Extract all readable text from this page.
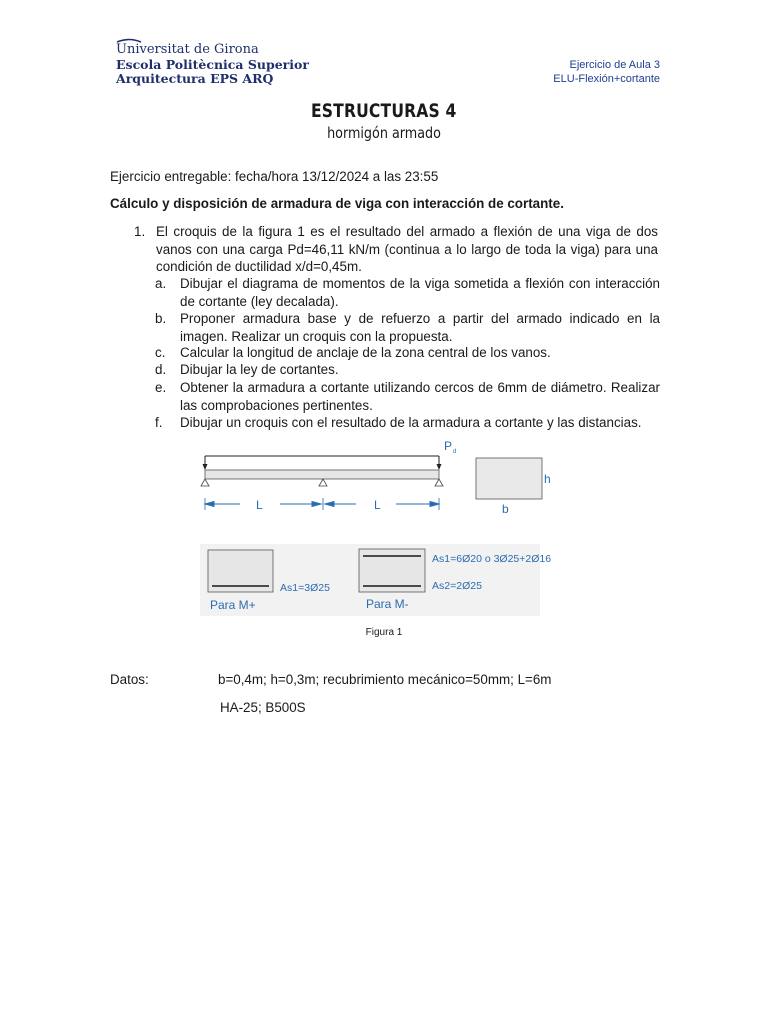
Universitat de Girona
Escola Politècnica Superior
Arquitectura EPS ARQ
Ejercicio de Aula 3
ELU-Flexión+cortante
ESTRUCTURAS 4
hormigón armado
Ejercicio entregable: fecha/hora 13/12/2024 a las 23:55
Cálculo y disposición de armadura de viga con interacción de cortante.
1. El croquis de la figura 1 es el resultado del armado a flexión de una viga de dos vanos con una carga Pd=46,11 kN/m (continua a lo largo de toda la viga) para una condición de ductilidad x/d=0,45m.
a. Dibujar el diagrama de momentos de la viga sometida a flexión con interacción de cortante (ley decalada).
b. Proponer armadura base y de refuerzo a partir del armado indicado en la imagen. Realizar un croquis con la propuesta.
c. Calcular la longitud de anclaje de la zona central de los vanos.
d. Dibujar la ley de cortantes.
e. Obtener la armadura a cortante utilizando cercos de 6mm de diámetro. Realizar las comprobaciones pertinentes.
f. Dibujar un croquis con el resultado de la armadura a cortante y las distancias.
P d
L	L
h
b
As1=3Ø25
Para M+
As1=6Ø20 o 3Ø25+2Ø16
As2=2Ø25
Para M-
Figura 1
Datos:	b=0,4m; h=0,3m; recubrimiento mecánico=50mm; L=6m
HA-25; B500S
